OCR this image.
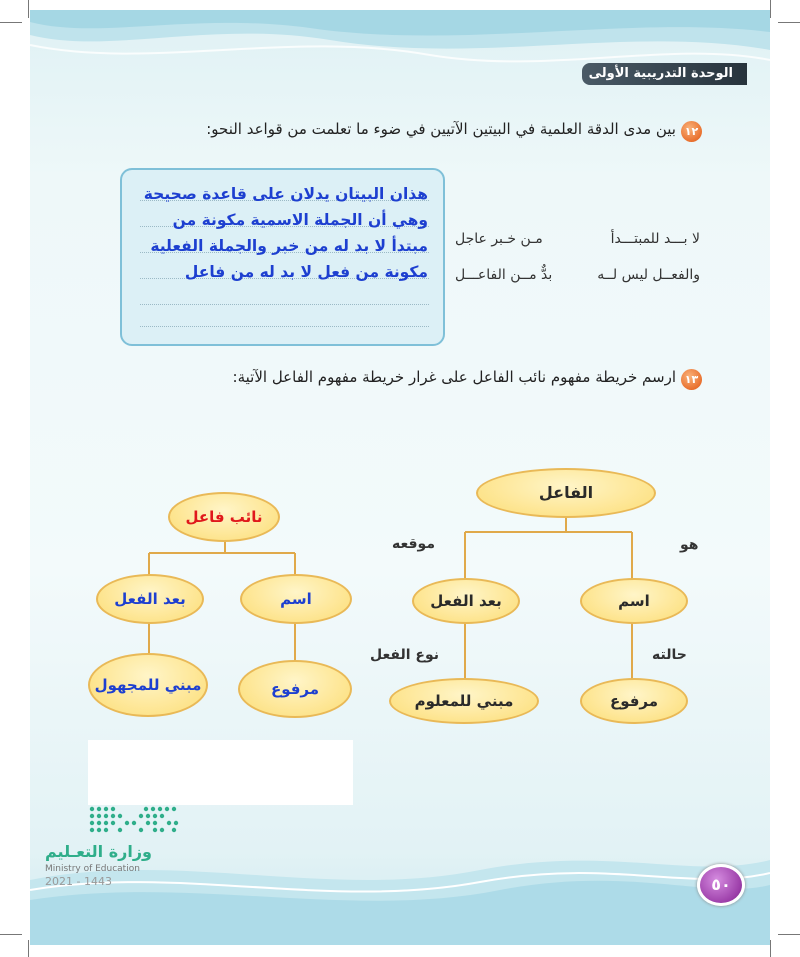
الوحدة التدريبية الأولى
١٢
بين مدى الدقة العلمية في البيتين الآتيين في ضوء ما تعلمت من قواعد النحو:
هذان البيتان يدلان على قاعدة صحيحة
وهي أن الجملة الاسمية مكونة من
مبتدأ لا بد له من خبر والجملة الفعلية
مكونة من فعل لا بد له من فاعل
لا بـــد للمبتـــدأ
مـن خـبر عاجل
والفعــل ليس لــه
بدٌّ مــن الفاعـــل
١٣
ارسم خريطة مفهوم نائب الفاعل على غرار خريطة مفهوم الفاعل الآتية:
الفاعل
موقعه	هو
بعد الفعل	اسم
نوع الفعل	حالته
مبني للمعلوم	مرفوع
نائب فاعل
بعد الفعل	اسم
مبني للمجهول	مرفوع
وزارة التعـليم
Ministry of Education
2021 - 1443	٥٠
